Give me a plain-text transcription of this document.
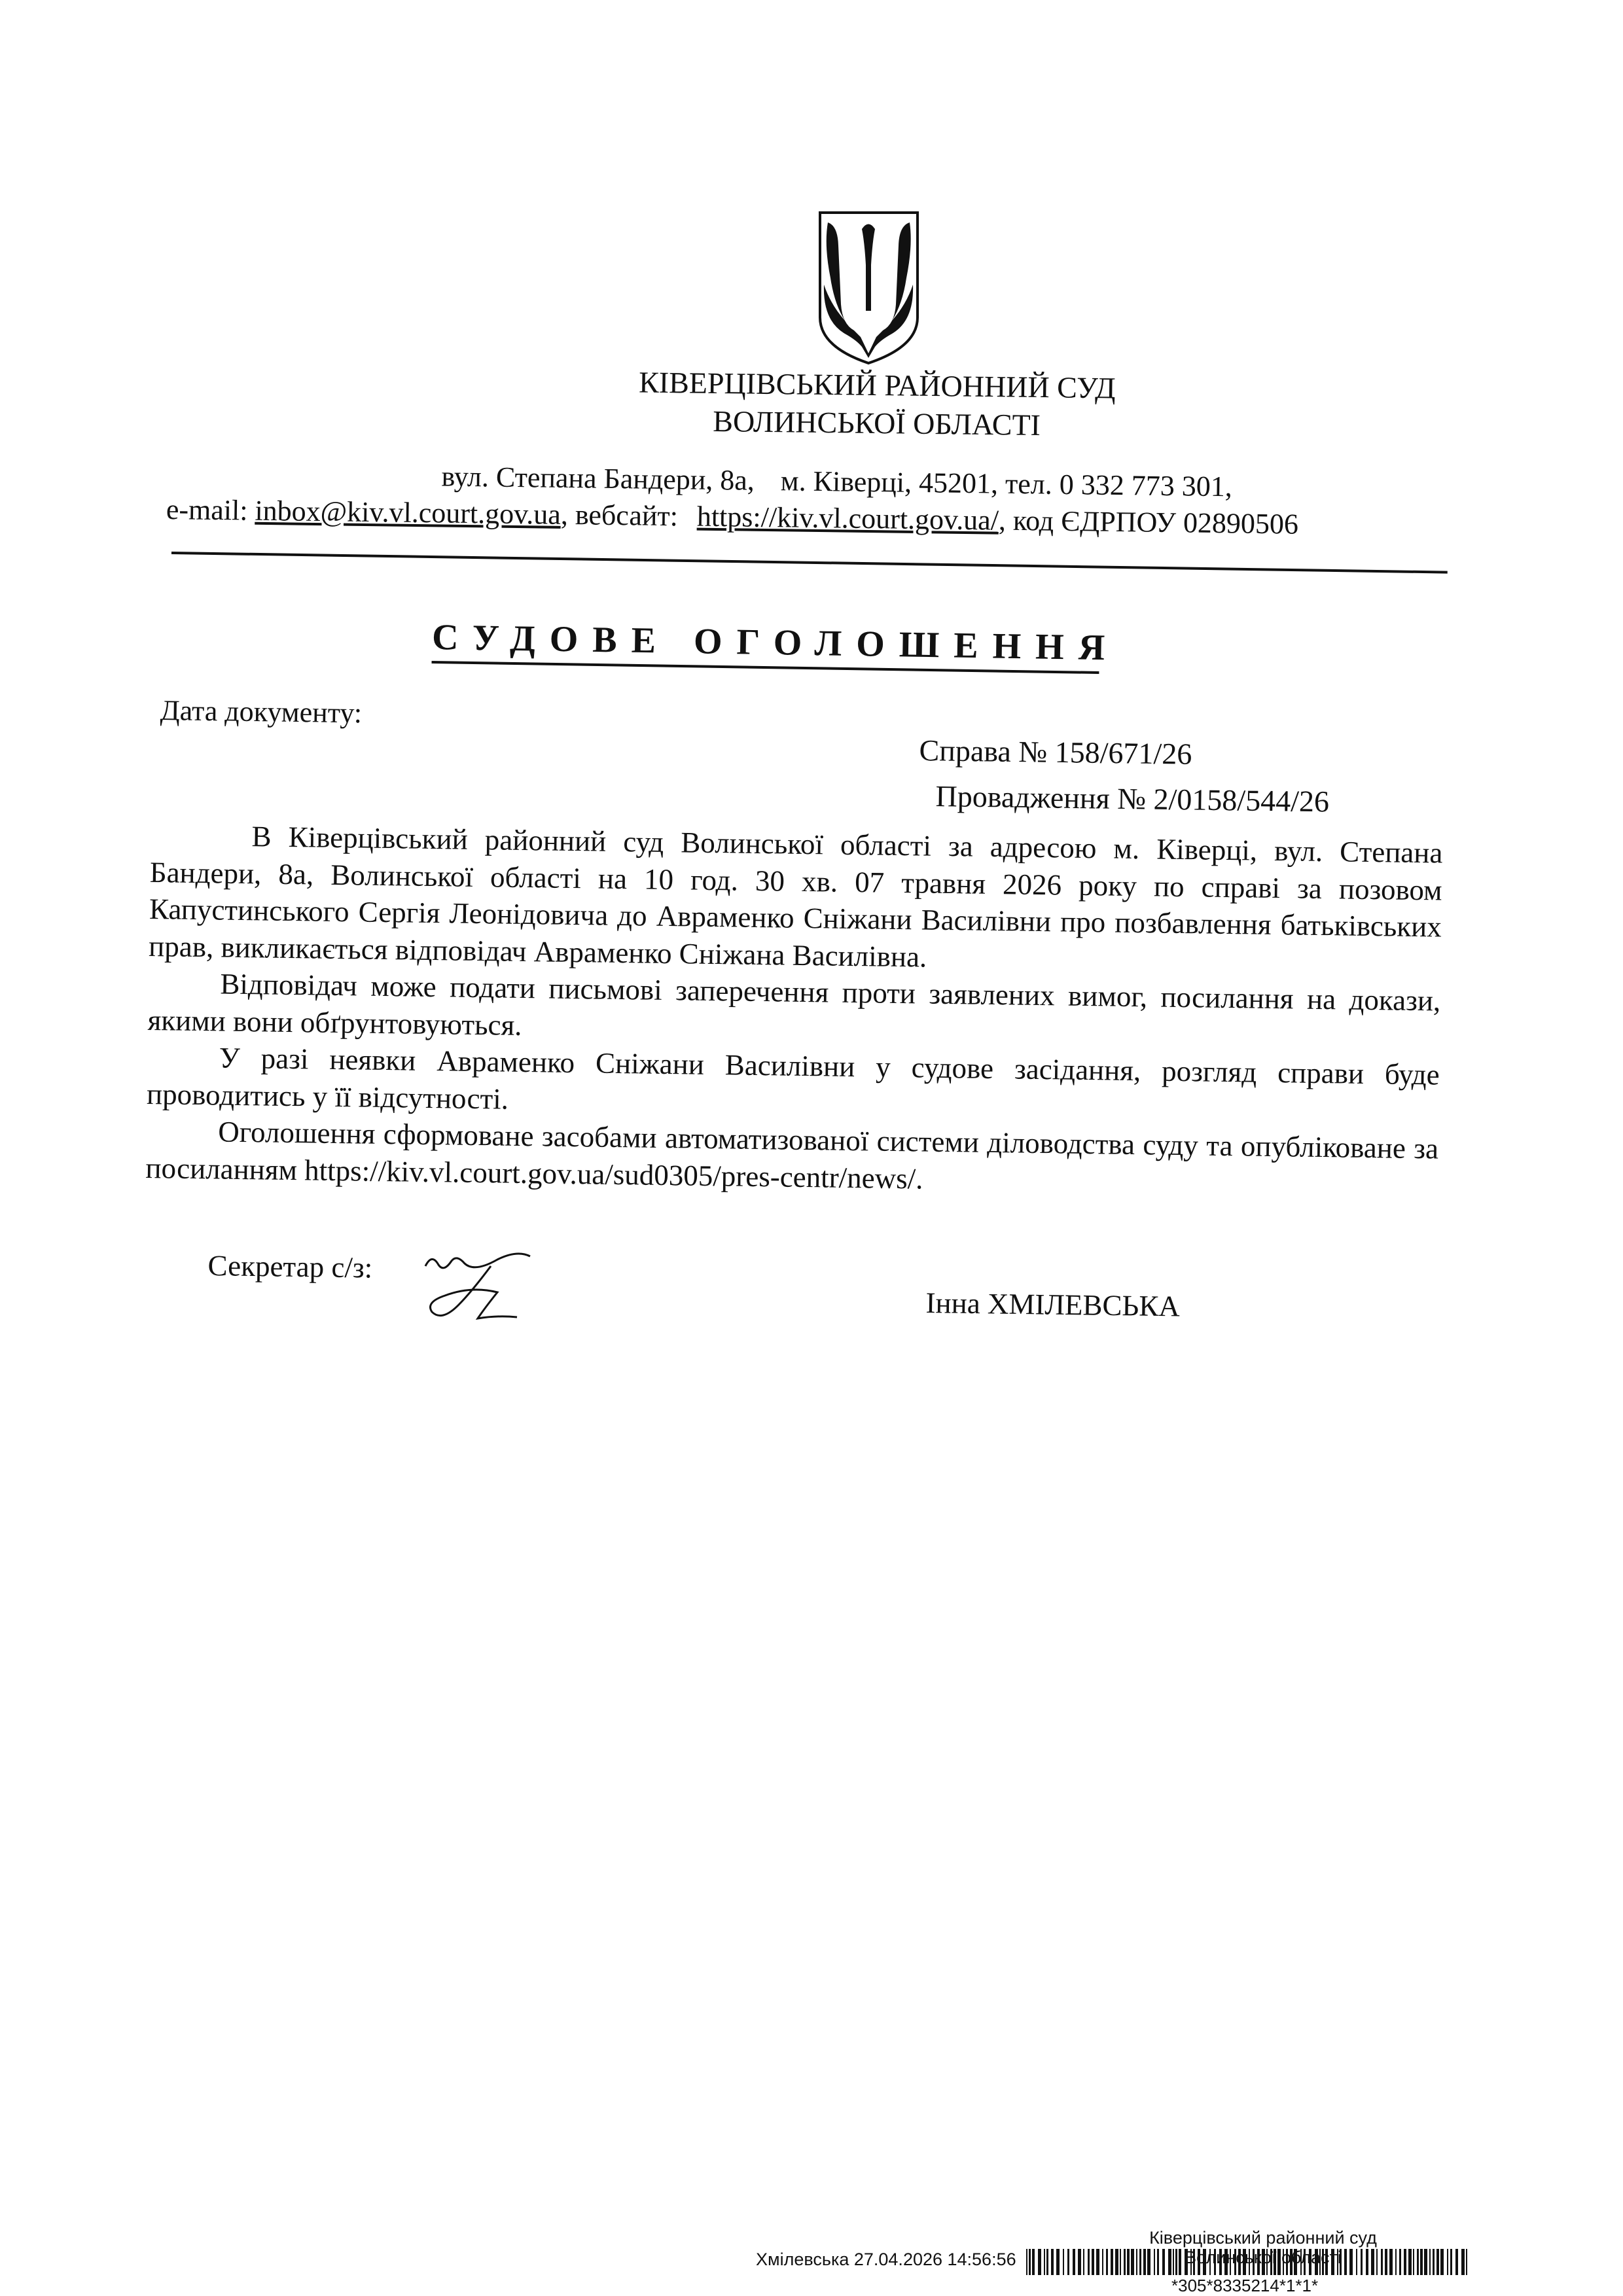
КІВЕРЦІВСЬКИЙ РАЙОННИЙ СУД
ВОЛИНСЬКОЇ ОБЛАСТІ
вул. Степана Бандери, 8а, м. Ківерці, 45201, тел. 0 332 773 301,
e-mail: inbox@kiv.vl.court.gov.ua, вебсайт: https://kiv.vl.court.gov.ua/, код ЄДРПОУ 02890506
СУДОВЕ ОГОЛОШЕННЯ
Дата документу:
Справа № 158/671/26
Провадження № 2/0158/544/26

В Ківерцівський районний суд Волинської області за адресою м. Ківерці, вул. Степана Бандери, 8а, Волинської області на 10 год. 30 хв. 07 травня 2026 року по справі за позовом Капустинського Сергія Леонідовича до Авраменко Сніжани Василівни про позбавлення батьківських прав, викликається відповідач Авраменко Сніжана Василівна.

Відповідач може подати письмові заперечення проти заявлених вимог, посилання на докази, якими вони обґрунтовуються.

У разі неявки Авраменко Сніжани Василівни у судове засідання, розгляд справи буде проводитись у її відсутності.

Оголошення сформоване засобами автоматизованої системи діловодства суду та опубліковане за посиланням https://kiv.vl.court.gov.ua/sud0305/pres-centr/news/.

Секретар с/з:
Інна ХМІЛЕВСЬКА
Ківерцівський районний суд
Волинської
Хмілевська 27.04.2026 14:56:56
*305*8335214*1*1*
